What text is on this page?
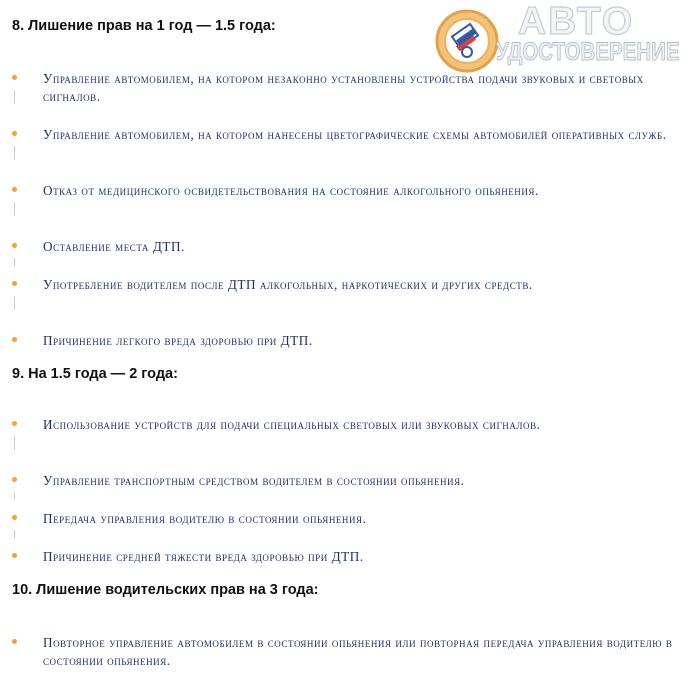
АВТО
УДОСТОВЕРЕНИЕ
8. Лишение прав на 1 год — 1.5 года:
Управление автомобилем, на котором незаконно установлены устройства подачи звуковых и световых сигналов.
Управление автомобилем, на котором нанесены цветографические схемы автомобилей оперативных служб.
Отказ от медицинского освидетельствования на состояние алкогольного опьянения.
Оставление места ДТП.
Употребление водителем после ДТП алкогольных, наркотических и других средств.
Причинение легкого вреда здоровью при ДТП.
9. На 1.5 года — 2 года:
Использование устройств для подачи специальных световых или звуковых сигналов.
Управление транспортным средством водителем в состоянии опьянения.
Передача управления водителю в состоянии опьянения.
Причинение средней тяжести вреда здоровью при ДТП.
10. Лишение водительских прав на 3 года:
Повторное управление автомобилем в состоянии опьянения или повторная передача управления водителю в состоянии опьянения.
